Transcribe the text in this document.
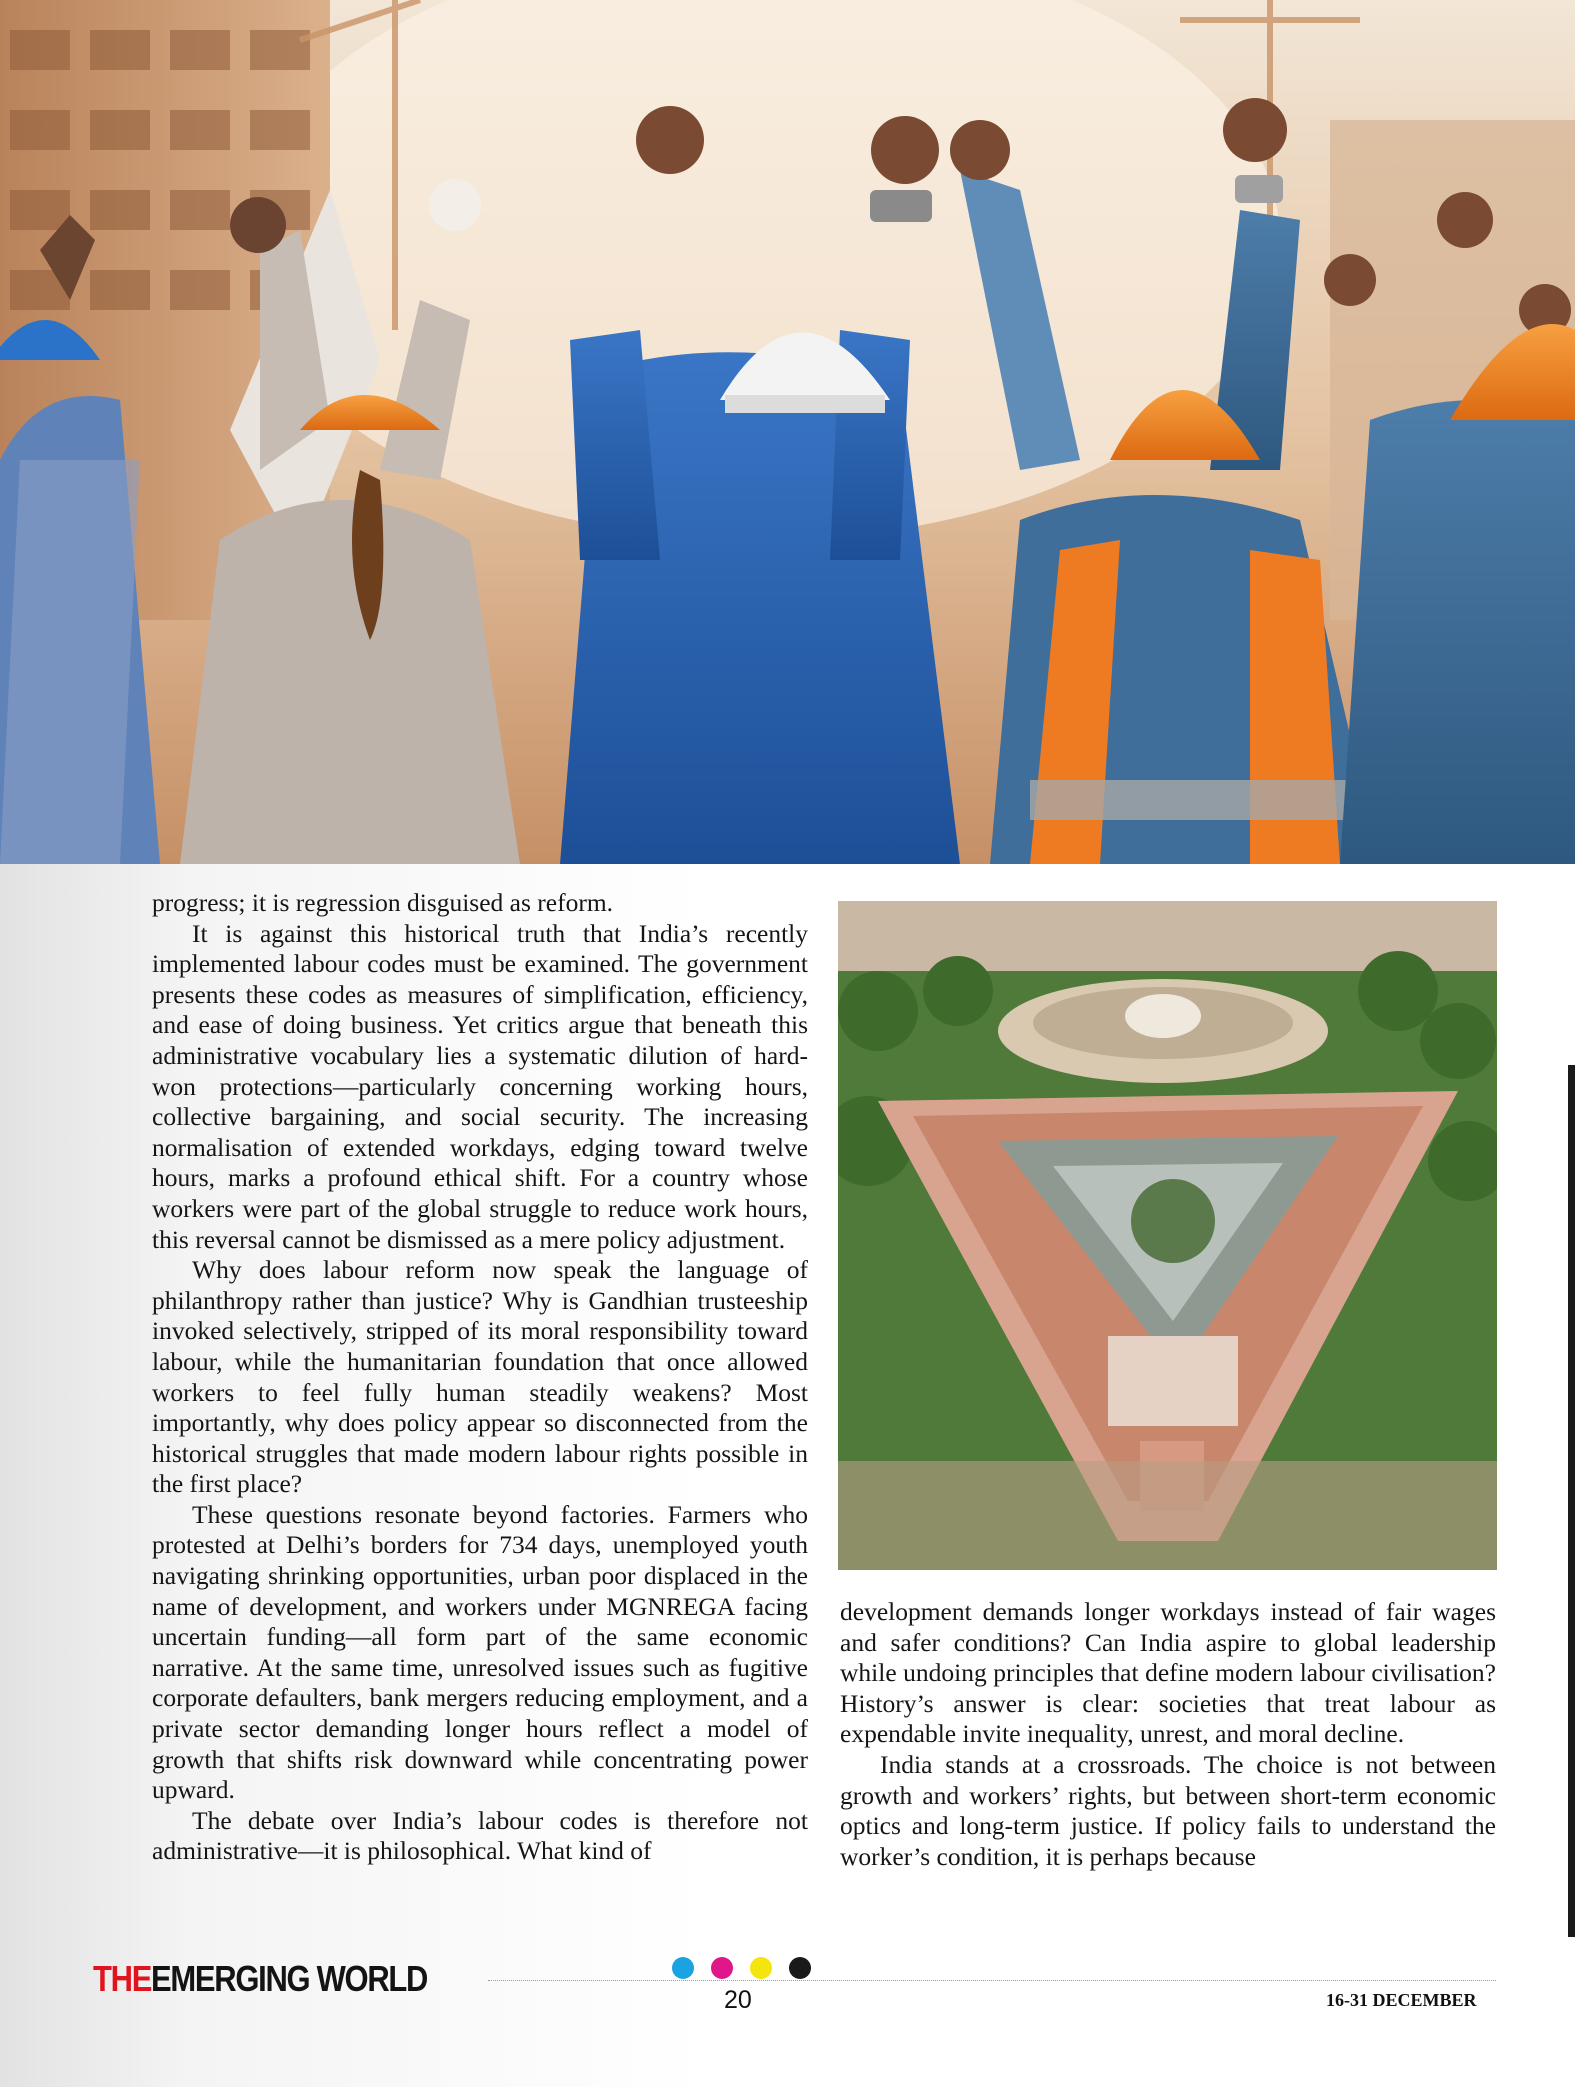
progress; it is regression disguised as reform.

It is against this historical truth that India’s recently implemented labour codes must be examined. The government presents these codes as measures of simplification, efficiency, and ease of doing business. Yet critics argue that beneath this administrative vocabulary lies a systematic dilution of hard-won protections—particularly concerning working hours, collective bargaining, and social security. The increasing normalisation of extended workdays, edging toward twelve hours, marks a profound ethical shift. For a country whose workers were part of the global struggle to reduce work hours, this reversal cannot be dismissed as a mere policy adjustment.

Why does labour reform now speak the language of philanthropy rather than justice? Why is Gandhian trusteeship invoked selectively, stripped of its moral responsibility toward labour, while the humanitarian foundation that once allowed workers to feel fully human steadily weakens? Most importantly, why does policy appear so disconnected from the historical struggles that made modern labour rights possible in the first place?

These questions resonate beyond factories. Farmers who protested at Delhi’s borders for 734 days, unemployed youth navigating shrinking opportunities, urban poor displaced in the name of development, and workers under MGNREGA facing uncertain funding—all form part of the same economic narrative. At the same time, unresolved issues such as fugitive corporate defaulters, bank mergers reducing employment, and a private sector demanding longer hours reflect a model of growth that shifts risk downward while concentrating power upward.

The debate over India’s labour codes is therefore not administrative—it is philosophical. What kind of

development demands longer workdays instead of fair wages and safer conditions? Can India aspire to global leadership while undoing principles that define modern labour civilisation? History’s answer is clear: societies that treat labour as expendable invite inequality, unrest, and moral decline.

India stands at a crossroads. The choice is not between growth and workers’ rights, but between short-term economic optics and long-term justice. If policy fails to understand the worker’s condition, it is perhaps because

THEEMERGING WORLD
20	16-31 DECEMBER
